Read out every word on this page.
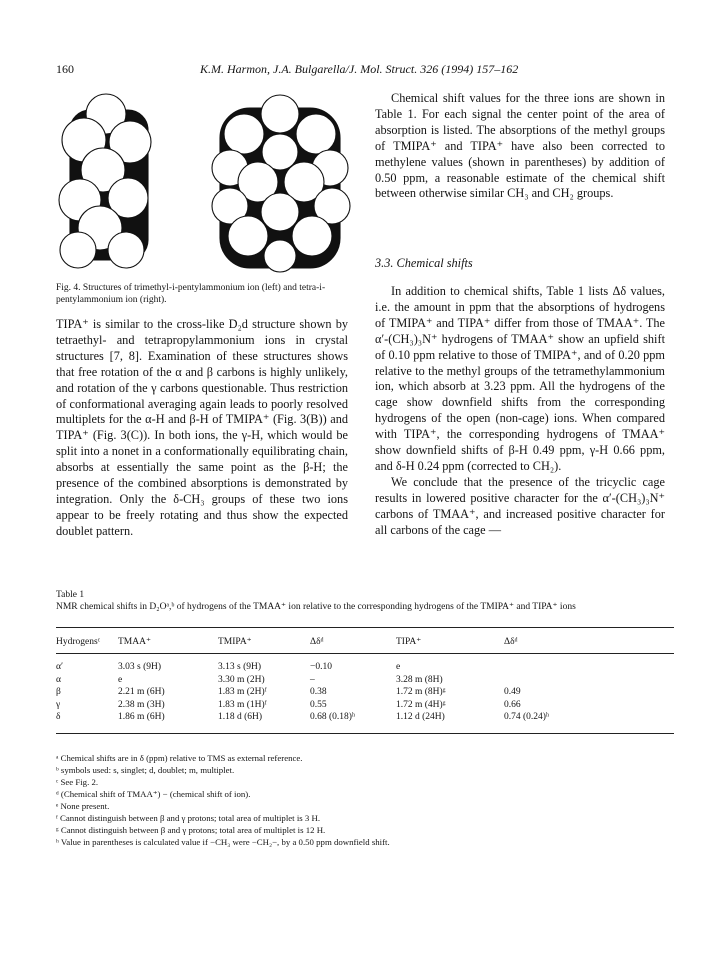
160	K.M. Harmon, J.A. Bulgarella/J. Mol. Struct. 326 (1994) 157–162
Fig. 4. Structures of trimethyl-i-pentylammonium ion (left) and tetra-i-pentylammonium ion (right).

TIPA⁺ is similar to the cross-like D₂d structure shown by tetraethyl- and tetrapropylammonium ions in crystal structures [7, 8]. Examination of these structures shows that free rotation of the α and β carbons is highly unlikely, and rotation of the γ carbons questionable. Thus restriction of conformational averaging again leads to poorly resolved multiplets for the α-H and β-H of TMIPA⁺ (Fig. 3(B)) and TIPA⁺ (Fig. 3(C)). In both ions, the γ-H, which would be split into a nonet in a conformationally equilibrating chain, absorbs at essentially the same point as the β-H; the presence of the combined absorptions is demonstrated by integration. Only the δ-CH₃ groups of these two ions appear to be freely rotating and thus show the expected doublet pattern.

Chemical shift values for the three ions are shown in Table 1. For each signal the center point of the area of absorption is listed. The absorptions of the methyl groups of TMIPA⁺ and TIPA⁺ have also been corrected to methylene values (shown in parentheses) by addition of 0.50 ppm, a reasonable estimate of the chemical shift between otherwise similar CH₃ and CH₂ groups.

3.3. Chemical shifts

In addition to chemical shifts, Table 1 lists Δδ values, i.e. the amount in ppm that the absorptions of hydrogens of TMIPA⁺ and TIPA⁺ differ from those of TMAA⁺. The α′-(CH₃)₃N⁺ hydrogens of TMAA⁺ show an upfield shift of 0.10 ppm relative to those of TMIPA⁺, and of 0.20 ppm relative to the methyl groups of the tetramethylammonium ion, which absorb at 3.23 ppm. All the hydrogens of the cage show downfield shifts from the corresponding hydrogens of the open (non-cage) ions. When compared with TIPA⁺, the corresponding hydrogens of TMAA⁺ show downfield shifts of β-H 0.49 ppm, γ-H 0.66 ppm, and δ-H 0.24 ppm (corrected to CH₂).

We conclude that the presence of the tricyclic cage results in lowered positive character for the α′-(CH₃)₃N⁺ carbons of TMAA⁺, and increased positive character for all carbons of the cage —

Table 1
NMR chemical shifts in D₂Oᵃ,ᵇ of hydrogens of the TMAA⁺ ion relative to the corresponding hydrogens of the TMIPA⁺ and TIPA⁺ ions
Hydrogensᶜ	TMAA⁺	TMIPA⁺	Δδᵈ	TIPA⁺	Δδᵈ
α′	3.03 s (9H)	3.13 s (9H)	−0.10	e	
α	e	3.30 m (2H)	–	3.28 m (8H)	
β	2.21 m (6H)	1.83 m (2H)ᶠ	0.38	1.72 m (8H)ᵍ	0.49
γ	2.38 m (3H)	1.83 m (1H)ᶠ	0.55	1.72 m (4H)ᵍ	0.66
δ	1.86 m (6H)	1.18 d (6H)	0.68 (0.18)ʰ	1.12 d (24H)	0.74 (0.24)ʰ
ᵃ Chemical shifts are in δ (ppm) relative to TMS as external reference.
ᵇ symbols used: s, singlet; d, doublet; m, multiplet.
ᶜ See Fig. 2.
ᵈ (Chemical shift of TMAA⁺) − (chemical shift of ion).
ᵉ None present.
ᶠ Cannot distinguish between β and γ protons; total area of multiplet is 3 H.
ᵍ Cannot distinguish between β and γ protons; total area of multiplet is 12 H.
ʰ Value in parentheses is calculated value if −CH₃ were −CH₂−, by a 0.50 ppm downfield shift.
